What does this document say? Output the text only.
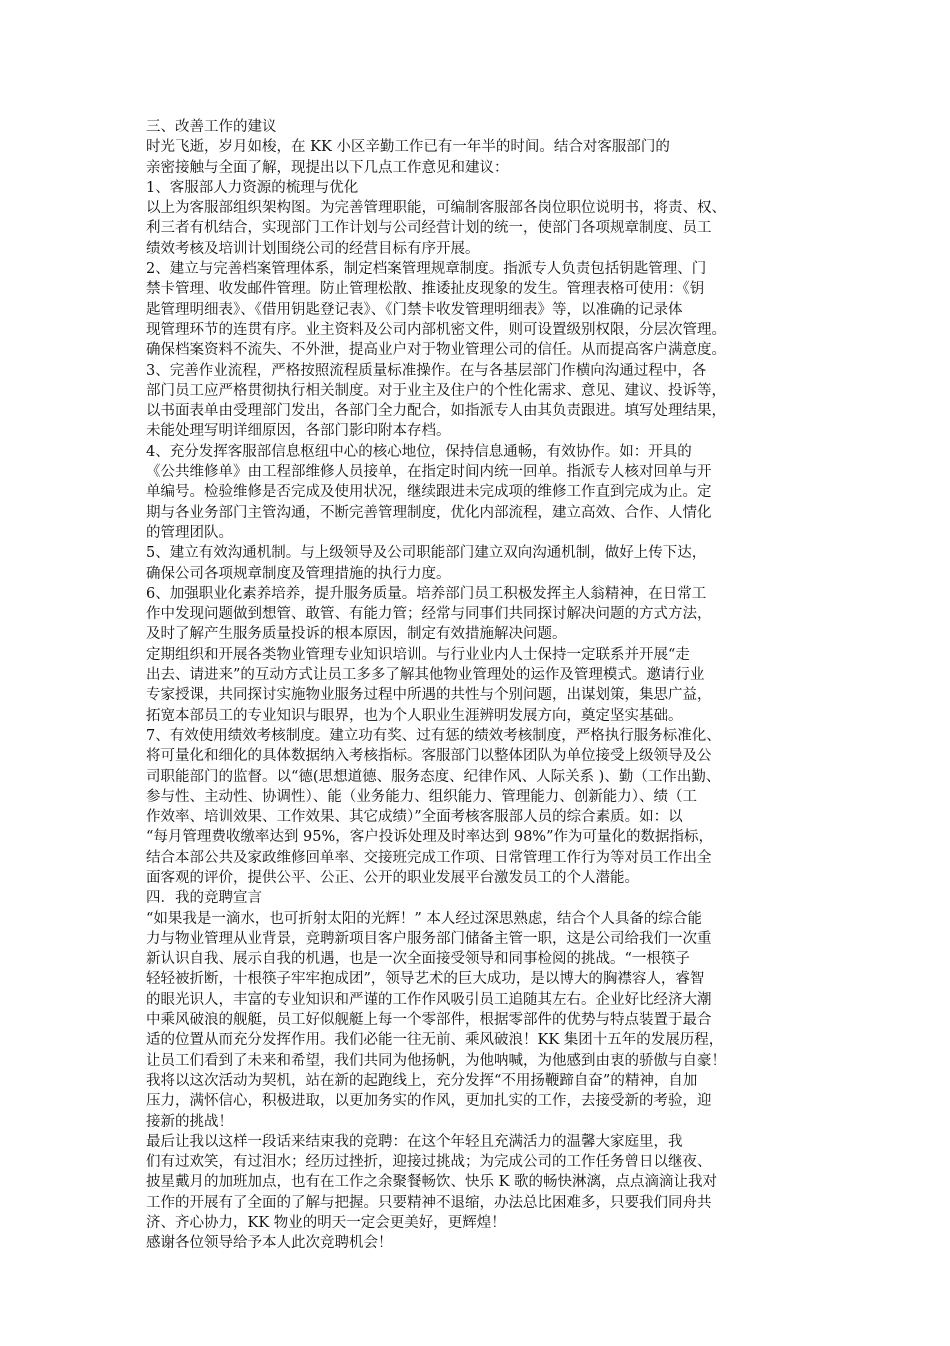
三、改善工作的建议
时光飞逝，岁月如梭，在 KK 小区辛勤工作已有一年半的时间。结合对客服部门的
亲密接触与全面了解，现提出以下几点工作意见和建议：
1、客服部人力资源的梳理与优化
以上为客服部组织架构图。为完善管理职能，可编制客服部各岗位职位说明书，将责、权、
利三者有机结合，实现部门工作计划与公司经营计划的统一，使部门各项规章制度、员工
绩效考核及培训计划围绕公司的经营目标有序开展。
2、建立与完善档案管理体系，制定档案管理规章制度。指派专人负责包括钥匙管理、门
禁卡管理、收发邮件管理。防止管理松散、推诿扯皮现象的发生。管理表格可使用：《钥
匙管理明细表》、《借用钥匙登记表》、《门禁卡收发管理明细表》等，以准确的记录体
现管理环节的连贯有序。业主资料及公司内部机密文件，则可设置级别权限，分层次管理。
确保档案资料不流失、不外泄，提高业户对于物业管理公司的信任。从而提高客户满意度。
3、完善作业流程，严格按照流程质量标准操作。在与各基层部门作横向沟通过程中，各
部门员工应严格贯彻执行相关制度。对于业主及住户的个性化需求、意见、建议、投诉等，
以书面表单由受理部门发出，各部门全力配合，如指派专人由其负责跟进。填写处理结果，
未能处理写明详细原因，各部门影印附本存档。
4、充分发挥客服部信息枢纽中心的核心地位，保持信息通畅，有效协作。如：开具的
《公共维修单》由工程部维修人员接单，在指定时间内统一回单。指派专人核对回单与开
单编号。检验维修是否完成及使用状况，继续跟进未完成项的维修工作直到完成为止。定
期与各业务部门主管沟通，不断完善管理制度，优化内部流程，建立高效、合作、人情化
的管理团队。
5、建立有效沟通机制。与上级领导及公司职能部门建立双向沟通机制，做好上传下达，
确保公司各项规章制度及管理措施的执行力度。
6、加强职业化素养培养，提升服务质量。培养部门员工积极发挥主人翁精神，在日常工
作中发现问题做到想管、敢管、有能力管；经常与同事们共同探讨解决问题的方式方法，
及时了解产生服务质量投诉的根本原因，制定有效措施解决问题。
定期组织和开展各类物业管理专业知识培训。与行业业内人士保持一定联系并开展“走
出去、请进来”的互动方式让员工多多了解其他物业管理处的运作及管理模式。邀请行业
专家授课，共同探讨实施物业服务过程中所遇的共性与个别问题，出谋划策，集思广益，
拓宽本部员工的专业知识与眼界，也为个人职业生涯辨明发展方向，奠定坚实基础。
7、有效使用绩效考核制度。建立功有奖、过有惩的绩效考核制度，严格执行服务标准化、
将可量化和细化的具体数据纳入考核指标。客服部门以整体团队为单位接受上级领导及公
司职能部门的监督。以“德(思想道德、服务态度、纪律作风、人际关系 )、勤（工作出勤、
参与性、主动性、协调性）、能（业务能力、组织能力、管理能力、创新能力）、绩（工
作效率、培训效果、工作效果、其它成绩）”全面考核客服部人员的综合素质。如：以
“每月管理费收缴率达到 95%，客户投诉处理及时率达到 98%”作为可量化的数据指标，
结合本部公共及家政维修回单率、交接班完成工作项、日常管理工作行为等对员工作出全
面客观的评价，提供公平、公正、公开的职业发展平台激发员工的个人潜能。
四．我的竞聘宣言
“如果我是一滴水，也可折射太阳的光辉！” 本人经过深思熟虑，结合个人具备的综合能
力与物业管理从业背景，竞聘新项目客户服务部门储备主管一职，这是公司给我们一次重
新认识自我、展示自我的机遇，也是一次全面接受领导和同事检阅的挑战。“一根筷子
轻轻被折断，十根筷子牢牢抱成团”，领导艺术的巨大成功，是以博大的胸襟容人，睿智
的眼光识人，丰富的专业知识和严谨的工作作风吸引员工追随其左右。企业好比经济大潮
中乘风破浪的舰艇，员工好似舰艇上每一个零部件，根据零部件的优势与特点装置于最合
适的位置从而充分发挥作用。我们必能一往无前、乘风破浪！KK 集团十五年的发展历程，
让员工们看到了未来和希望，我们共同为他扬帆，为他呐喊，为他感到由衷的骄傲与自豪！
我将以这次活动为契机，站在新的起跑线上，充分发挥“不用扬鞭蹄自奋”的精神，自加
压力，满怀信心，积极进取，以更加务实的作风，更加扎实的工作，去接受新的考验，迎
接新的挑战！
最后让我以这样一段话来结束我的竞聘：在这个年轻且充满活力的温馨大家庭里，我
们有过欢笑，有过泪水；经历过挫折，迎接过挑战；为完成公司的工作任务曾日以继夜、
披星戴月的加班加点，也有在工作之余聚餐畅饮、快乐 K 歌的畅快淋漓，点点滴滴让我对
工作的开展有了全面的了解与把握。只要精神不退缩，办法总比困难多，只要我们同舟共
济、齐心协力，KK 物业的明天一定会更美好，更辉煌！
感谢各位领导给予本人此次竞聘机会！
